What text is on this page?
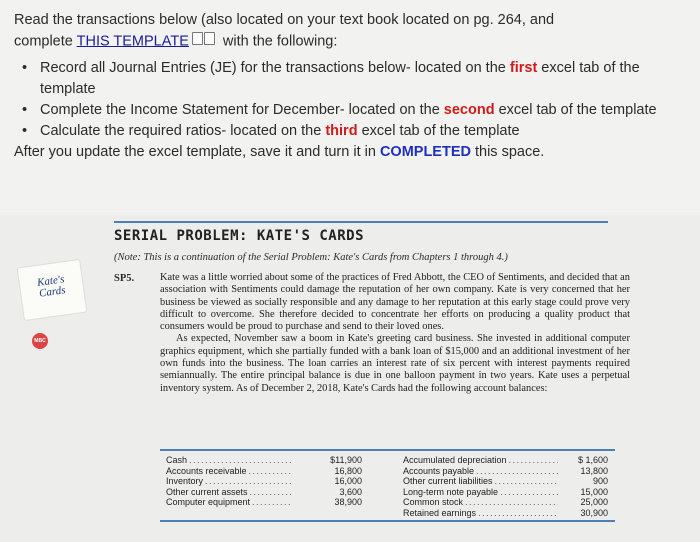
Read the transactions below (also located on your text book located on pg. 264, and

complete THIS TEMPLATE with the following:

• Record all Journal Entries (JE) for the transactions below- located on the first excel tab of the template
• Complete the Income Statement for December- located on the second excel tab of the template
• Calculate the required ratios- located on the third excel tab of the template

After you update the excel template, save it and turn it in COMPLETED this space.

SERIAL PROBLEM: KATE'S CARDS
(Note: This is a continuation of the Serial Problem: Kate's Cards from Chapters 1 through 4.)
Kate's
Cards
MBC
SP5. Kate was a little worried about some of the practices of Fred Abbott, the CEO of Sentiments, and decided that an association with Sentiments could damage the reputation of her own company. Kate is very concerned that her business be viewed as socially responsible and any damage to her reputation at this early stage could prove very difficult to overcome. She therefore decided to concentrate her efforts on producing a quality product that consumers would be proud to purchase and send to their loved ones.

As expected, November saw a boom in Kate's greeting card business. She invested in additional computer graphics equipment, which she partially funded with a bank loan of $15,000 and an additional investment of her own funds into the business. The loan carries an interest rate of six percent with interest payments required semiannually. The entire principal balance is due in one balloon payment in two years. Kate uses a perpetual inventory system. As of December 2, 2018, Kate's Cards had the following account balances:

Cash . . .	$11,900	Accumulated depreciation . . .	$ 1,600
Accounts receivable . . .	16,800	Accounts payable . . .	13,800
Inventory . . .	16,000	Other current liabilities . . .	900
Other current assets . . .	3,600	Long-term note payable . . .	15,000
Computer equipment . . .	38,900	Common stock . . .	25,000
Retained earnings . . .	30,900
